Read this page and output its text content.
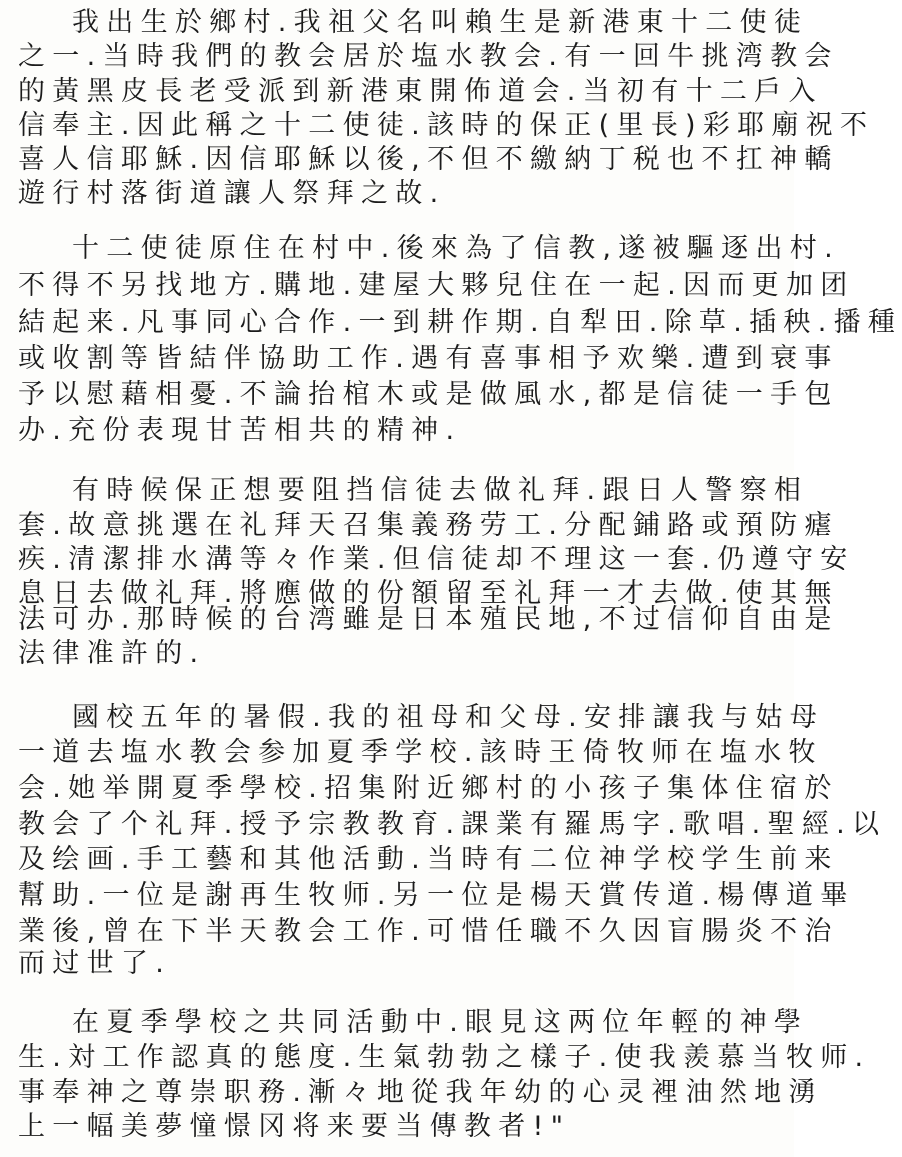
我出生於鄉村.我祖父名叫賴生是新港東十二使徒

之一.当時我們的教会居於塩水教会.有一回牛挑湾教会

的黃黑皮長老受派到新港東開佈道会.当初有十二戶入

信奉主.因此稱之十二使徒.該時的保正(里長)彩耶廟祝不

喜人信耶穌.因信耶穌以後,不但不繳納丁税也不扛神轎

遊行村落街道讓人祭拜之故.

十二使徒原住在村中.後來為了信教,遂被驅逐出村.

不得不另找地方.購地.建屋大夥兒住在一起.因而更加团

結起来.凡事同心合作.一到耕作期.自犁田.除草.插秧.播種

或收割等皆結伴協助工作.遇有喜事相予欢樂.遭到衰事

予以慰藉相憂.不論抬棺木或是做風水,都是信徒一手包

办.充份表現甘苦相共的精神.

有時候保正想要阻挡信徒去做礼拜.跟日人警察相

套.故意挑選在礼拜天召集義務劳工.分配鋪路或預防瘧

疾.清潔排水溝等々作業.但信徒却不理这一套.仍遵守安

息日去做礼拜.將應做的份額留至礼拜一才去做.使其無

法可办.那時候的台湾雖是日本殖民地,不过信仰自由是

法律准許的.

國校五年的暑假.我的祖母和父母.安排讓我与姑母

一道去塩水教会参加夏季学校.該時王倚牧师在塩水牧

会.她举開夏季學校.招集附近鄉村的小孩子集体住宿於

教会了个礼拜.授予宗教教育.課業有羅馬字.歌唱.聖經.以

及绘画.手工藝和其他活動.当時有二位神学校学生前来

幫助.一位是謝再生牧师.另一位是楊天賞传道.楊傳道畢

業後,曾在下半天教会工作.可惜任職不久因盲腸炎不治

而过世了.

在夏季學校之共同活動中.眼見这两位年輕的神學

生.対工作認真的態度.生氣勃勃之樣子.使我羨慕当牧师.

事奉神之尊崇职務.漸々地從我年幼的心灵裡油然地湧

上一幅美夢憧憬冈将来要当傳教者!"
